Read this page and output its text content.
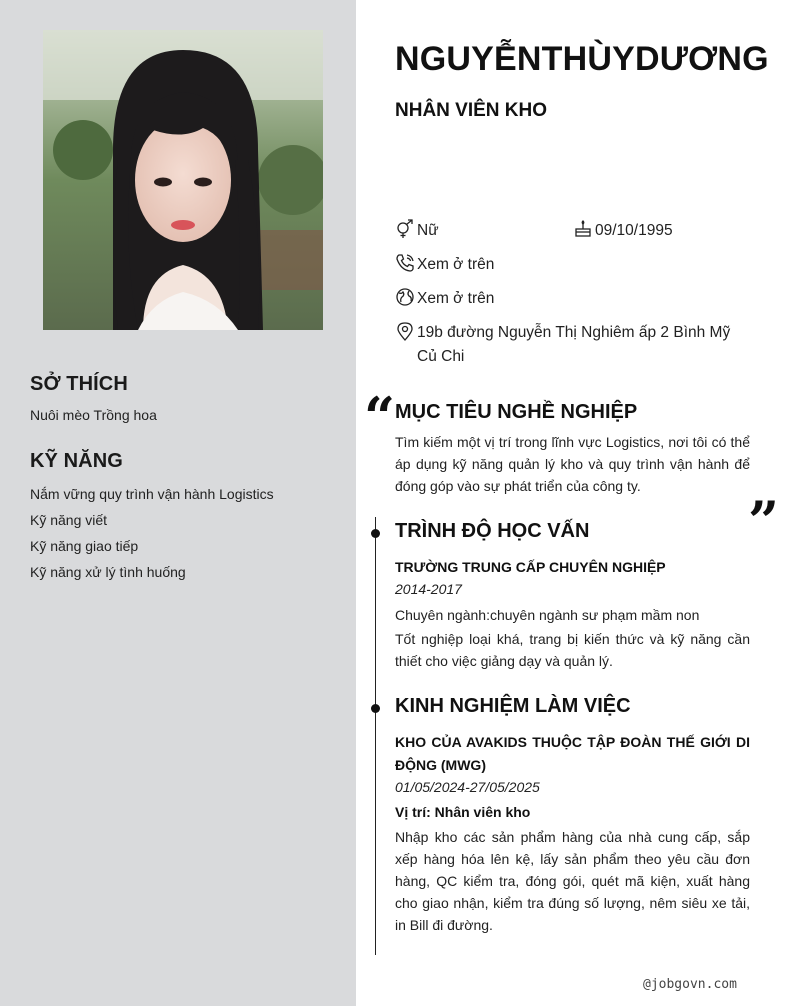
SỞ THÍCH
Nuôi mèo Trồng hoa
KỸ NĂNG
Nắm vững quy trình vận hành Logistics
Kỹ năng viết
Kỹ năng giao tiếp
Kỹ năng xử lý tình huống
NGUYỄNTHÙYDƯƠNG
NHÂN VIÊN KHO
Nữ	09/10/1995
Xem ở trên
Xem ở trên
19b đường Nguyễn Thị Nghiêm ấp 2 Bình Mỹ Củ Chi
“ MỤC TIÊU NGHỀ NGHIỆP
Tìm kiếm một vị trí trong lĩnh vực Logistics, nơi tôi có thể áp dụng kỹ năng quản lý kho và quy trình vận hành để đóng góp vào sự phát triển của công ty.
”
TRÌNH ĐỘ HỌC VẤN
TRƯỜNG TRUNG CẤP CHUYÊN NGHIỆP
2014-2017
Chuyên ngành:chuyên ngành sư phạm mầm non
Tốt nghiệp loại khá, trang bị kiến thức và kỹ năng cần thiết cho việc giảng dạy và quản lý.
KINH NGHIỆM LÀM VIỆC
KHO CỦA AVAKIDS THUỘC TẬP ĐOÀN THẾ GIỚI DI ĐỘNG (MWG)
01/05/2024-27/05/2025
Vị trí: Nhân viên kho
Nhập kho các sản phẩm hàng của nhà cung cấp, sắp xếp hàng hóa lên kệ, lấy sản phẩm theo yêu cầu đơn hàng, QC kiểm tra, đóng gói, quét mã kiện, xuất hàng cho giao nhận, kiểm tra đúng số lượng, nêm siêu xe tải, in Bill đi đường.
@jobgovn.com
